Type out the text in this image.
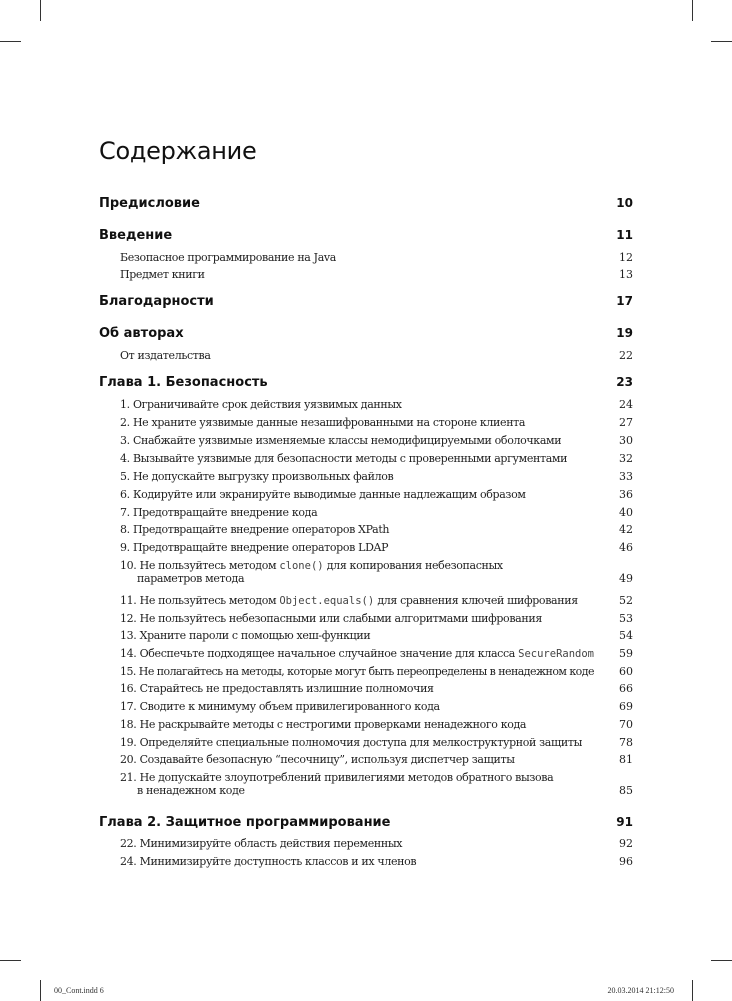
Содержание
Предисловие	10
Введение	11
Безопасное программирование на Java	12
Предмет книги	13
Благодарности	17
Об авторах	19
От издательства	22
Глава 1. Безопасность	23
1. Ограничивайте срок действия уязвимых данных	24
2. Не храните уязвимые данные незашифрованными на стороне клиента	27
3. Снабжайте уязвимые изменяемые классы немодифицируемыми оболочками	30
4. Вызывайте уязвимые для безопасности методы с проверенными аргументами	32
5. Не допускайте выгрузку произвольных файлов	33
6. Кодируйте или экранируйте выводимые данные надлежащим образом	36
7. Предотвращайте внедрение кода	40
8. Предотвращайте внедрение операторов XPath	42
9. Предотвращайте внедрение операторов LDAP	46
10. Не пользуйтесь методом clone() для копирования небезопасных
параметров метода	49
11. Не пользуйтесь методом Object.equals() для сравнения ключей шифрования	52
12. Не пользуйтесь небезопасными или слабыми алгоритмами шифрования	53
13. Храните пароли с помощью хеш-функции	54
14. Обеспечьте подходящее начальное случайное значение для класса SecureRandom 59
15. Не полагайтесь на методы, которые могут быть переопределены в ненадежном коде 60
16. Старайтесь не предоставлять излишние полномочия	66
17. Сводите к минимуму объем привилегированного кода	69
18. Не раскрывайте методы с нестрогими проверками ненадежного кода	70
19. Определяйте специальные полномочия доступа для мелкоструктурной защиты	78
20. Создавайте безопасную “песочницу”, используя диспетчер защиты	81
21. Не допускайте злоупотреблений привилегиями методов обратного вызова
в ненадежном коде	85
Глава 2. Защитное программирование	91
22. Минимизируйте область действия переменных	92
24. Минимизируйте доступность классов и их членов	96
00_Cont.indd 6	20.03.2014 21:12:50
